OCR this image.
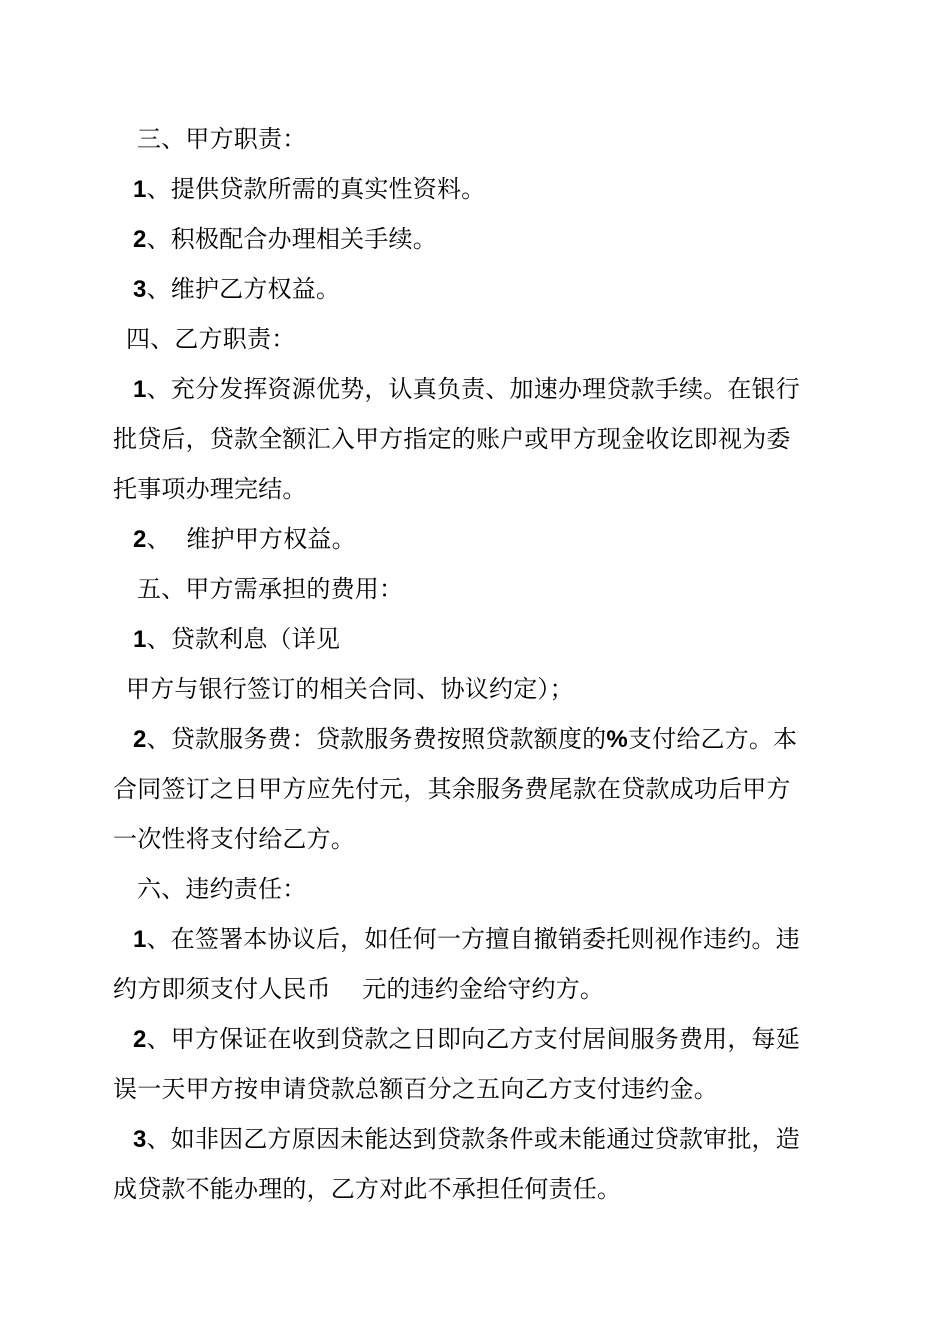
三、甲方职责：
1、提供贷款所需的真实性资料。
2、积极配合办理相关手续。
3、维护乙方权益。
四、乙方职责：
1、充分发挥资源优势，认真负责、加速办理贷款手续。在银行
批贷后，贷款全额汇入甲方指定的账户或甲方现金收讫即视为委
托事项办理完结。
2、  维护甲方权益。
五、甲方需承担的费用：
1、贷款利息（详见
甲方与银行签订的相关合同、协议约定）；
2、贷款服务费：贷款服务费按照贷款额度的%支付给乙方。本
合同签订之日甲方应先付元，其余服务费尾款在贷款成功后甲方
一次性将支付给乙方。
六、违约责任：
1、在签署本协议后，如任何一方擅自撤销委托则视作违约。违
约方即须支付人民币    元的违约金给守约方。
2、甲方保证在收到贷款之日即向乙方支付居间服务费用，每延
误一天甲方按申请贷款总额百分之五向乙方支付违约金。
3、如非因乙方原因未能达到贷款条件或未能通过贷款审批，造
成贷款不能办理的，乙方对此不承担任何责任。
